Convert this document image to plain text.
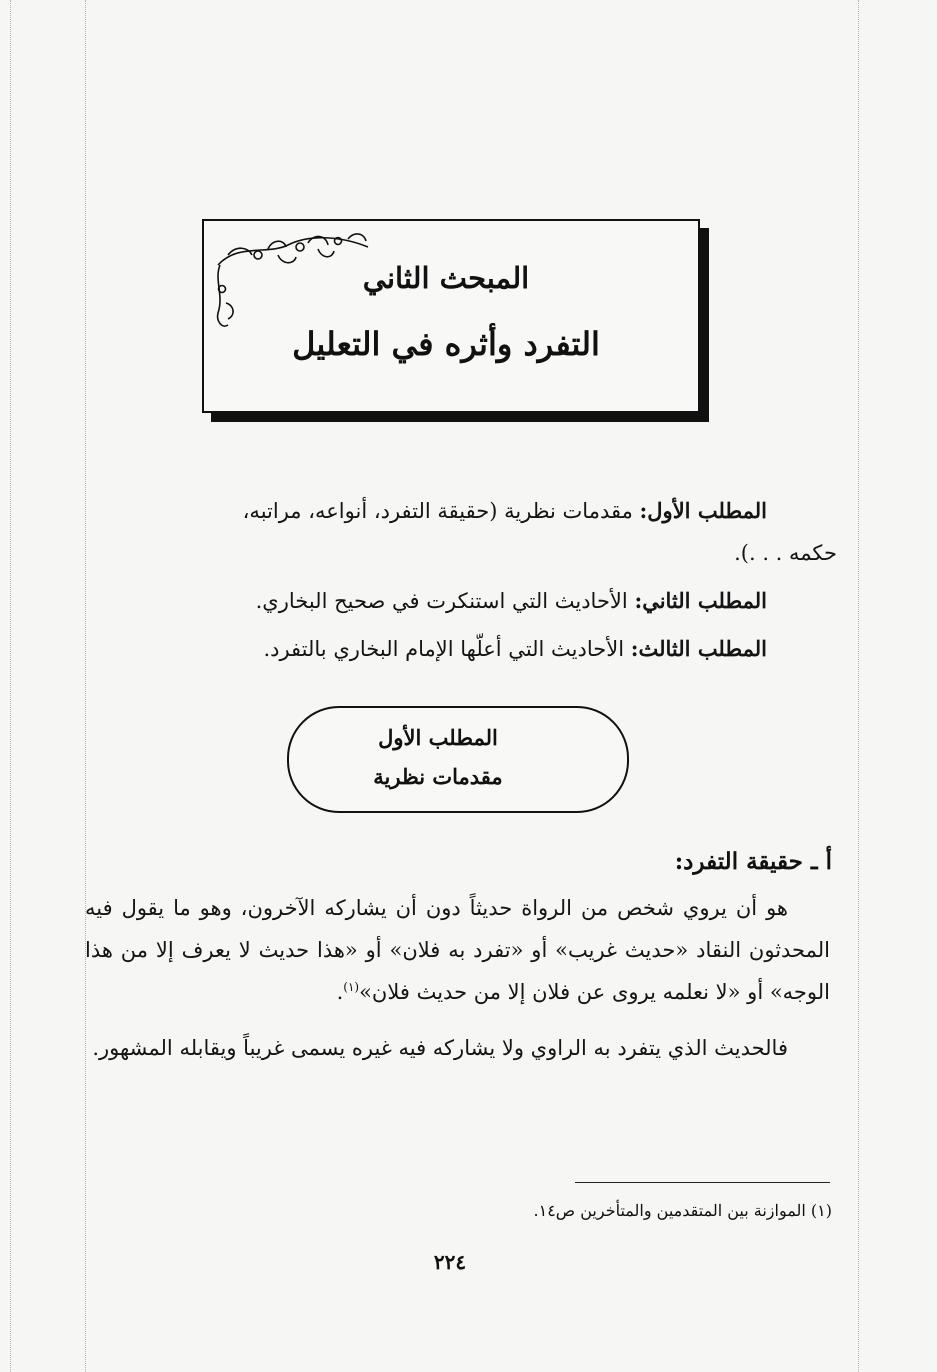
المبحث الثاني
التفرد وأثره في التعليل

المطلب الأول: مقدمات نظرية (حقيقة التفرد، أنواعه، مراتبه،

حكمه . . .).

المطلب الثاني: الأحاديث التي استنكرت في صحيح البخاري.

المطلب الثالث: الأحاديث التي أعلّها الإمام البخاري بالتفرد.

المطلب الأول
مقدمات نظرية
أ ـ حقيقة التفرد:

هو أن يروي شخص من الرواة حديثاً دون أن يشاركه الآخرون، وهو ما يقول فيه المحدثون النقاد «حديث غريب» أو «تفرد به فلان» أو «هذا حديث لا يعرف إلا من هذا الوجه» أو «لا نعلمه يروى عن فلان إلا من حديث فلان»$^{(١)}$.

فالحديث الذي يتفرد به الراوي ولا يشاركه فيه غيره يسمى غريباً ويقابله المشهور.

(١) الموازنة بين المتقدمين والمتأخرين ص١٤.
٢٢٤
